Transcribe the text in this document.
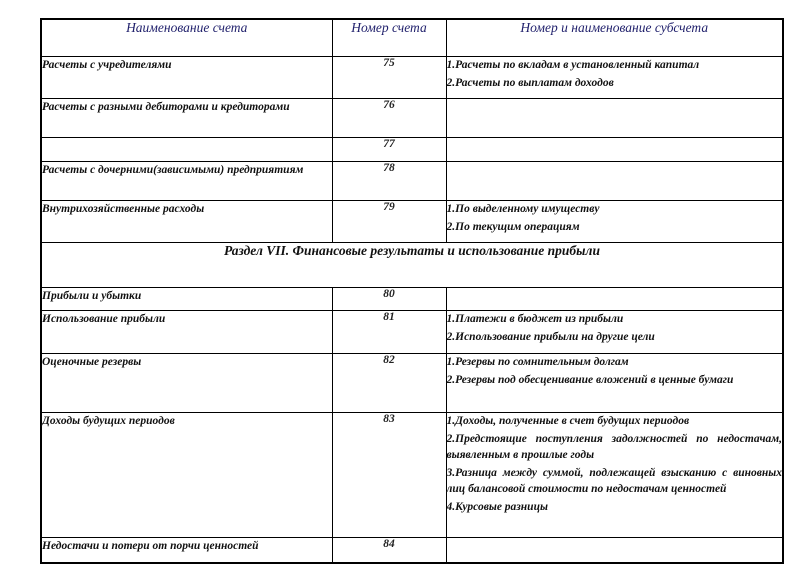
Наименование счета	Номер счета	Номер и наименование субсчета
Расчеты с учредителями	75	1.Расчеты по вкладам в установленный капитал
2.Расчеты по выплатам доходов

Расчеты с разными дебиторами и кредиторами	76	
	77	
Расчеты с дочерними(зависимыми) предприятиям	78	
Внутрихозяйственные расходы	79	1.По выделенному имуществу
2.По текущим операциям

Раздел VII. Финансовые результаты и использование прибыли		
Прибыли и убытки	80	
Использование прибыли	81	1.Платежи в бюджет из прибыли
2.Использование прибыли на другие цели

Оценочные резервы	82	1.Резервы по сомнительным долгам
2.Резервы под обесценивание вложений в ценные бумаги

Доходы будущих периодов	83	1.Доходы, полученные в счет будущих периодов
2.Предстоящие поступления задолжностей по недостачам, выявленным в прошлые годы
3.Разница между суммой, подлежащей взысканию с виновных лиц балансовой стоимости по недостачам ценностей
4.Курсовые разницы

Недостачи и потери от порчи ценностей	84	
